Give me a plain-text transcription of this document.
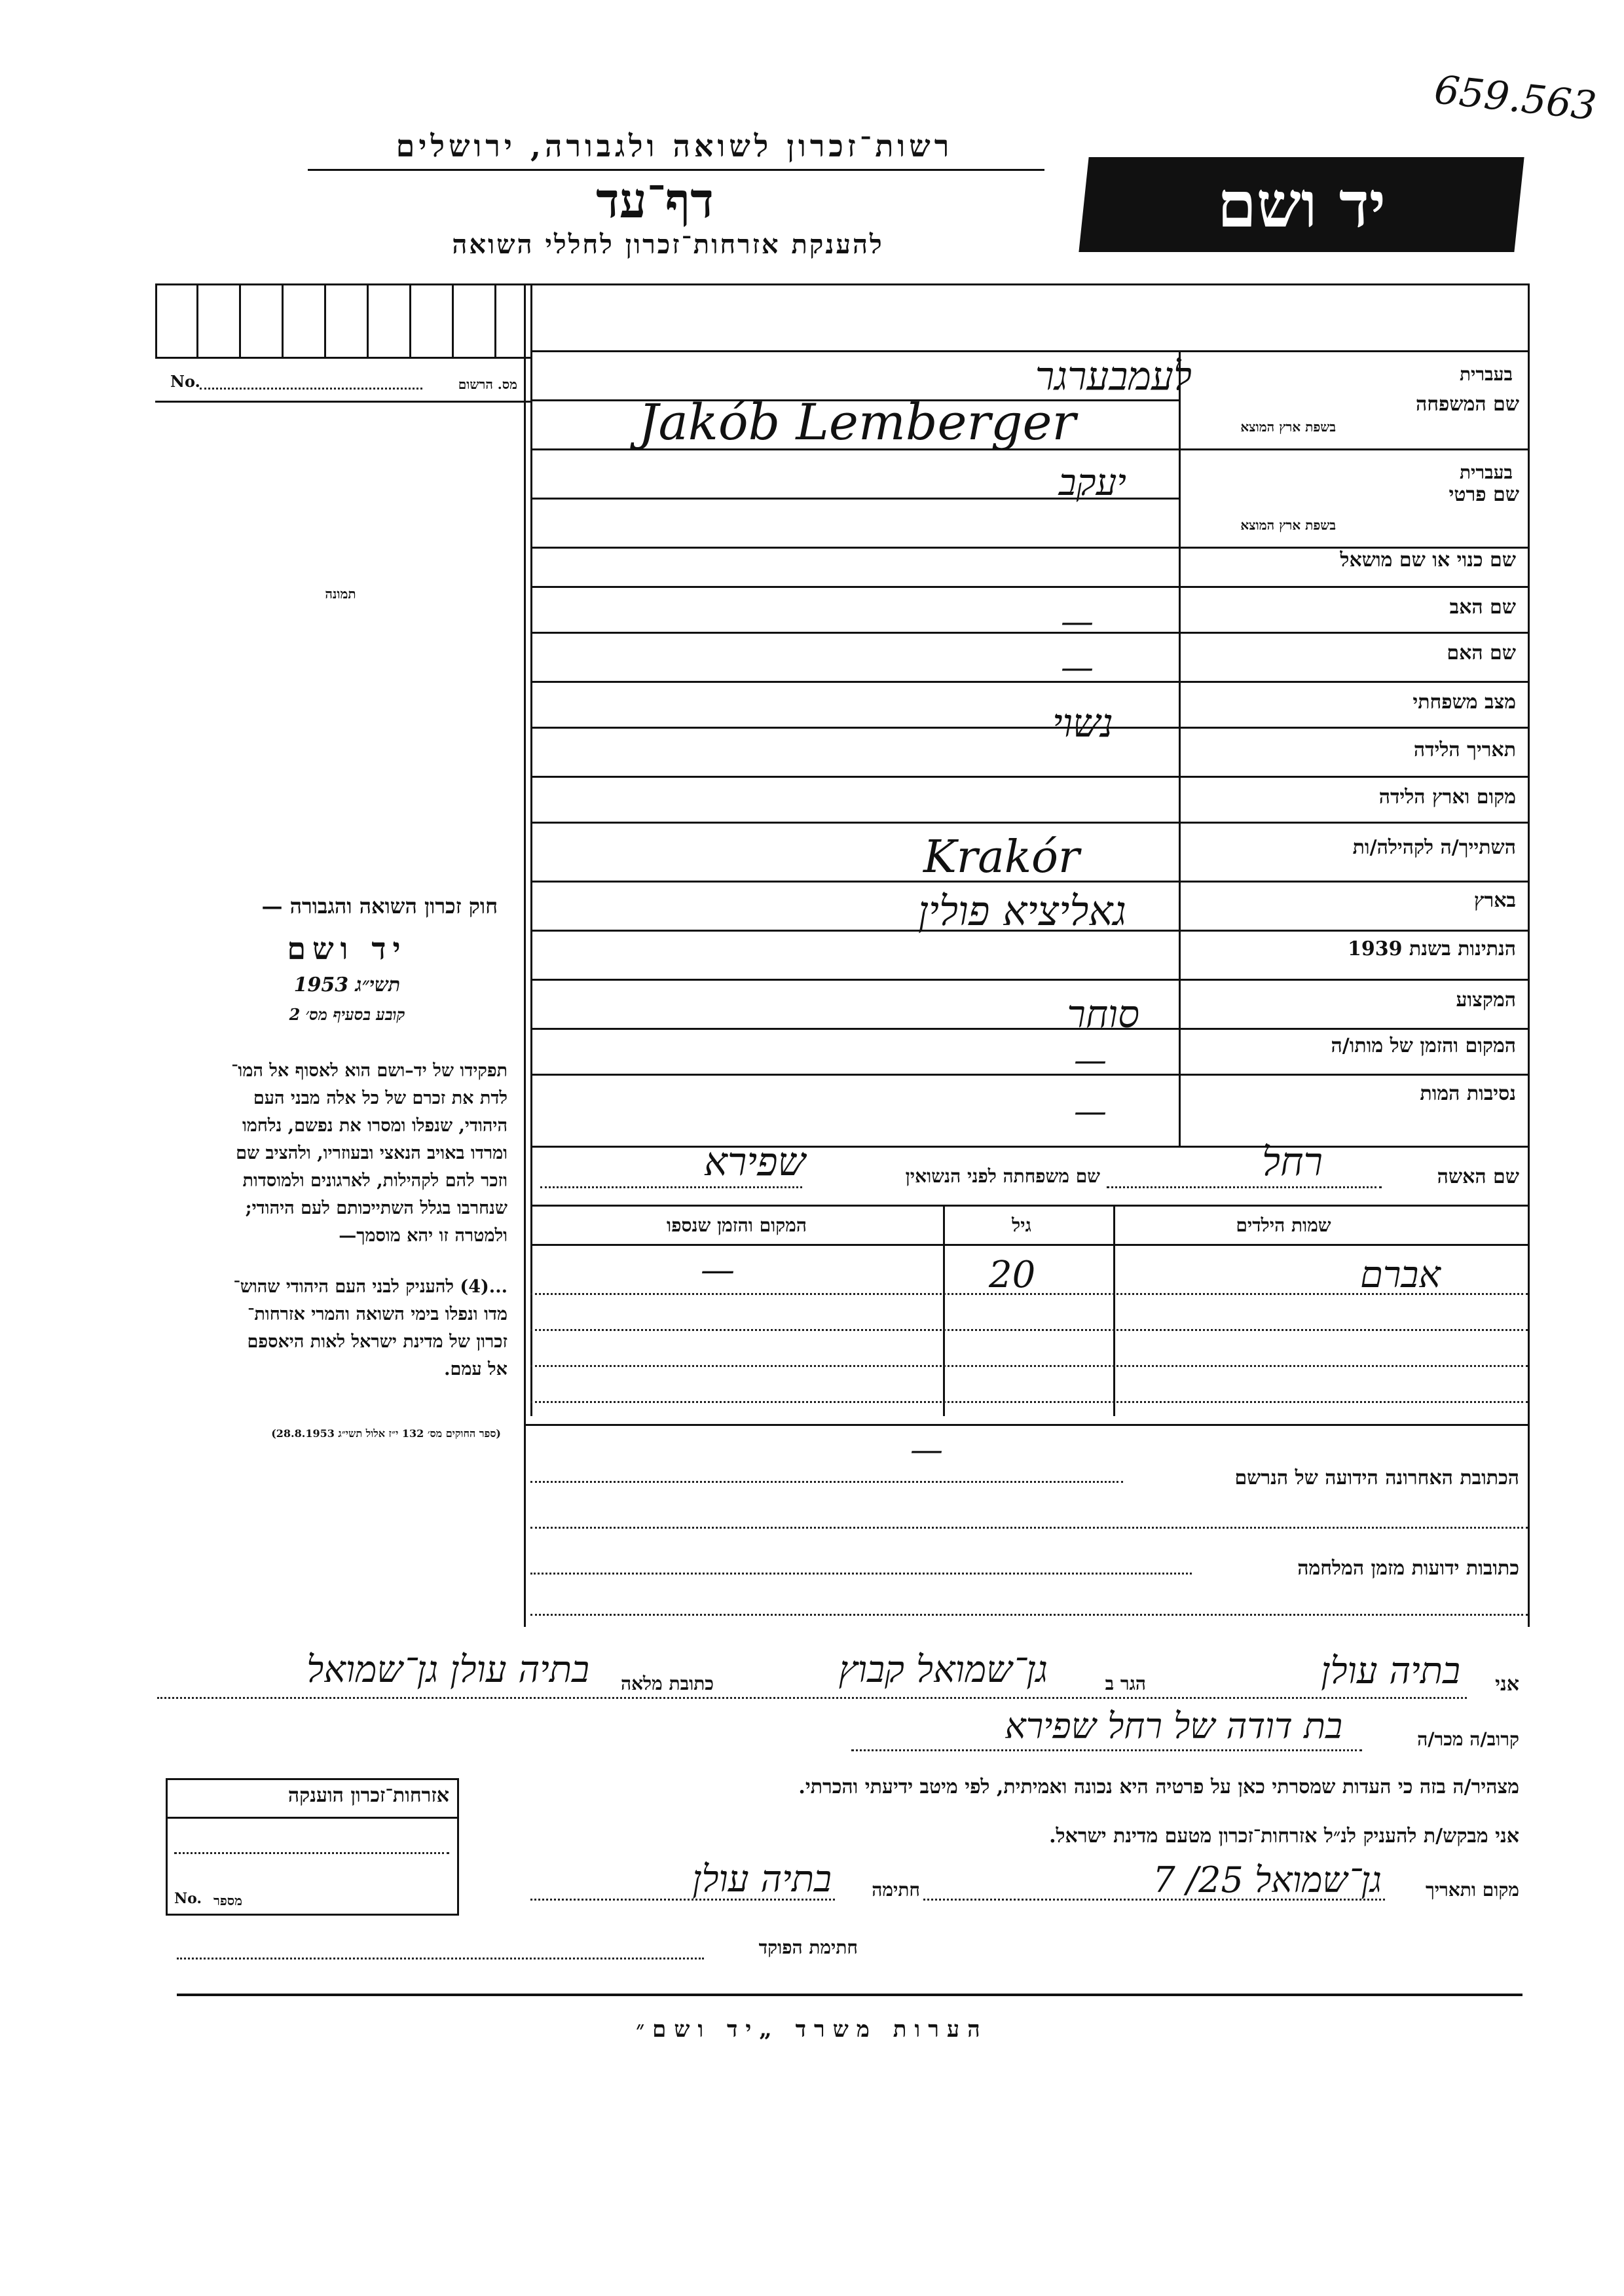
רשות־זכרון לשואה ולגבורה, ירושלים
דף־עד
להענקת אזרחות־זכרון לחללי השואה
יד ושם
659.563
No.	מס. הרשום
תמונה
בעברית
שם המשפחה
בשפת ארץ המוצא
לעמבערגר
Jakób Lemberger
בעברית
שם פרטי
בשפת ארץ המוצא
יעקב
שם כנוי או שם מושאל
שם האב
—
שם האם
—
מצב משפחתי
נשוי
תאריך הלידה
מקום וארץ הלידה
השתייך/ה לקהילה/ות
Krakór
בארץ
גאליציא פולין
הנתינות בשנת 1939
המקצוע
סוחר
המקום והזמן של מותו/ה
—
נסיבות המות
—
שם האשה
רחל
שם משפחתה לפני הנשואין
שפירא
שמות הילדים
גיל
המקום והזמן שנספו
אברם
20
—
—
הכתובת האחרונה הידועה של הנרשם
כתובות ידועות מזמן המלחמה
חוק זכרון השואה והגבורה —
יד ושם
תשי״ג 1953
קובע בסעיף מס׳ 2
תפקידו של יד–ושם הוא לאסוף אל המו־
לדת את זכרם של כל אלה מבני העם
היהודי, שנפלו ומסרו את נפשם, נלחמו
ומרדו באויב הנאצי ובעוזריו, ולהציב שם
וזכר להם לקהילות, לארגונים ולמוסדות
שנחרבו בגלל השתייכותם לעם היהודי;
ולמטרה זו יהא מוסמך—
...(4) להעניק לבני העם היהודי שהוש־
מדו ונפלו בימי השואה והמרי אזרחות־
זכרון של מדינת ישראל לאות היאספם
אל עמם.
(ספר החוקים מס׳ 132 י״ז אלול תשי״ג 28.8.1953)
אני
בתיה עולן
הגר ב
גן־שמואל קבוץ
כתובת מלאה
בתיה עולן גן־שמואל
קרוב/ה מכר/ה
בת דודה של רחל שפירא
מצהיר/ה בזה כי העדות שמסרתי כאן על פרטיה היא נכונה ואמיתית, לפי מיטב ידיעתי והכרתי.
אני מבקש/ת להעניק לנ״ל אזרחות־זכרון מטעם מדינת ישראל.
מקום ותאריך
גן־שמואל 25/ 7
חתימה
בתיה עולן
חתימת הפוקד
אזרחות־זכרון הוענקה
No. מספר
הערות משרד „יד ושם״
